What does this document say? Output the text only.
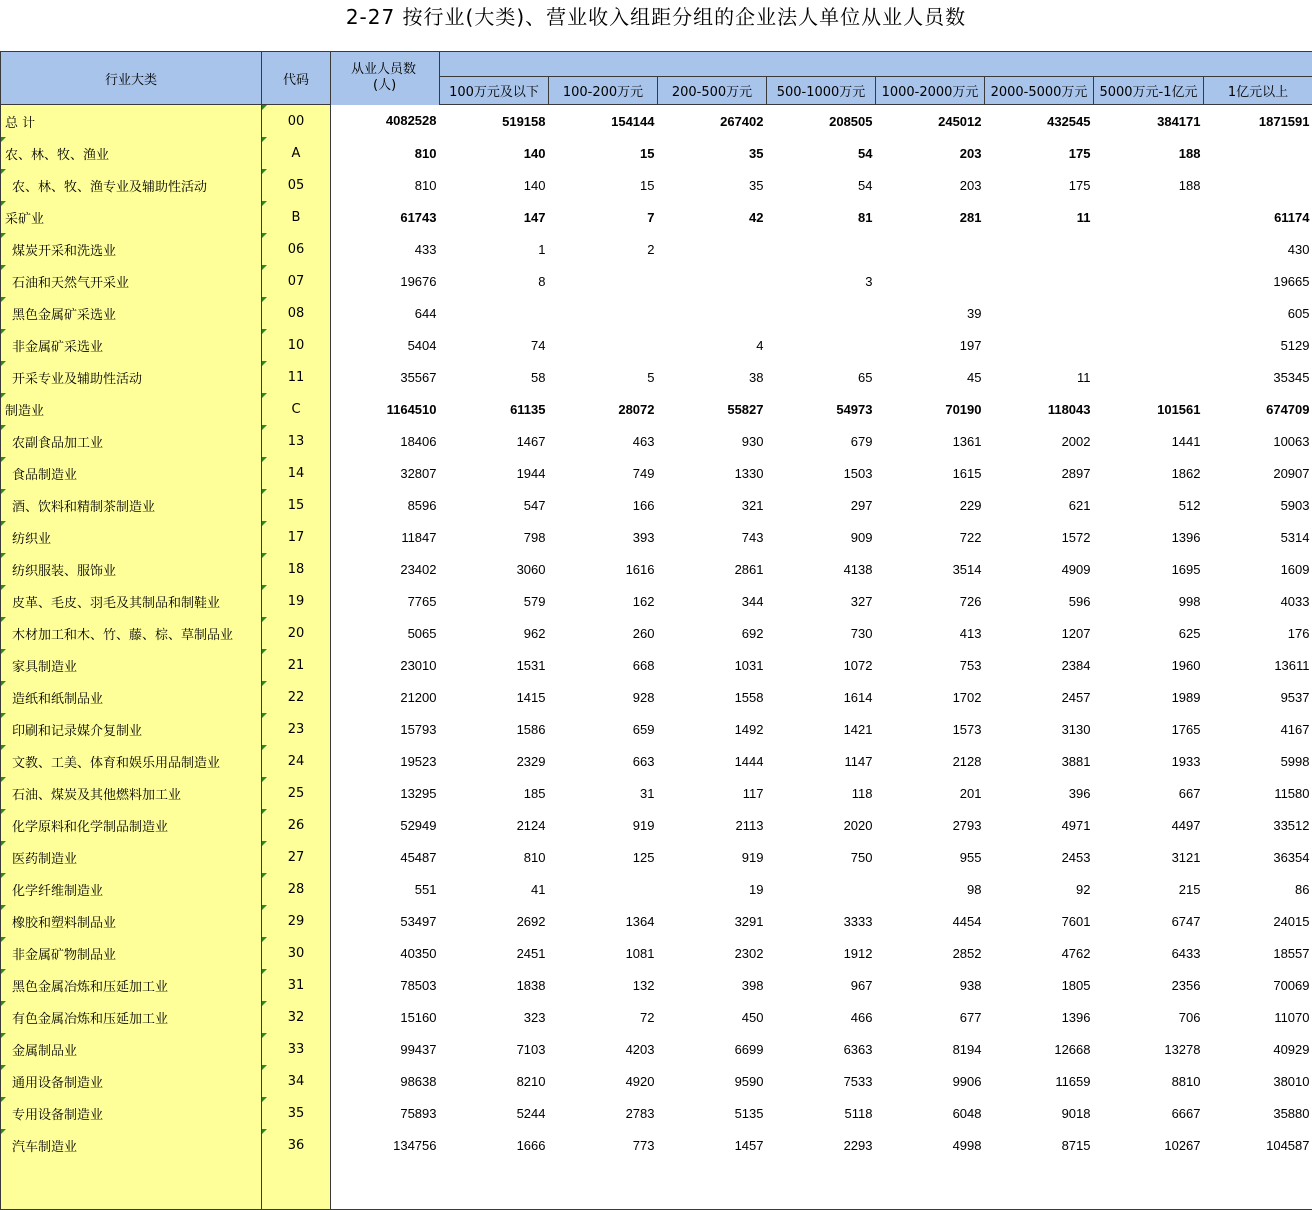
2-27 按行业(大类)、营业收入组距分组的企业法人单位从业人员数
行业大类	代码	从业人员数
(人)								
			100万元及以下	100-200万元	200-500万元	500-1000万元	1000-2000万元	2000-5000万元	5000万元-1亿元	1亿元以上
总 计	00	4082528	519158	154144	267402	208505	245012	432545	384171	1871591

农、林、牧、渔业	A	810	140	15	35	54	203	175	188	

农、林、牧、渔专业及辅助性活动	05	810	140	15	35	54	203	175	188	

采矿业	B	61743	147	7	42	81	281	11		61174

煤炭开采和洗选业	06	433	1	2						430

石油和天然气开采业	07	19676	8			3				19665

黑色金属矿采选业	08	644					39			605

非金属矿采选业	10	5404	74		4		197			5129

开采专业及辅助性活动	11	35567	58	5	38	65	45	11		35345

制造业	C	1164510	61135	28072	55827	54973	70190	118043	101561	674709

农副食品加工业	13	18406	1467	463	930	679	1361	2002	1441	10063

食品制造业	14	32807	1944	749	1330	1503	1615	2897	1862	20907

酒、饮料和精制茶制造业	15	8596	547	166	321	297	229	621	512	5903

纺织业	17	11847	798	393	743	909	722	1572	1396	5314

纺织服装、服饰业	18	23402	3060	1616	2861	4138	3514	4909	1695	1609

皮革、毛皮、羽毛及其制品和制鞋业	19	7765	579	162	344	327	726	596	998	4033

木材加工和木、竹、藤、棕、草制品业	20	5065	962	260	692	730	413	1207	625	176

家具制造业	21	23010	1531	668	1031	1072	753	2384	1960	13611

造纸和纸制品业	22	21200	1415	928	1558	1614	1702	2457	1989	9537

印刷和记录媒介复制业	23	15793	1586	659	1492	1421	1573	3130	1765	4167

文教、工美、体育和娱乐用品制造业	24	19523	2329	663	1444	1147	2128	3881	1933	5998

石油、煤炭及其他燃料加工业	25	13295	185	31	117	118	201	396	667	11580

化学原料和化学制品制造业	26	52949	2124	919	2113	2020	2793	4971	4497	33512

医药制造业	27	45487	810	125	919	750	955	2453	3121	36354

化学纤维制造业	28	551	41		19		98	92	215	86

橡胶和塑料制品业	29	53497	2692	1364	3291	3333	4454	7601	6747	24015

非金属矿物制品业	30	40350	2451	1081	2302	1912	2852	4762	6433	18557

黑色金属冶炼和压延加工业	31	78503	1838	132	398	967	938	1805	2356	70069

有色金属冶炼和压延加工业	32	15160	323	72	450	466	677	1396	706	11070

金属制品业	33	99437	7103	4203	6699	6363	8194	12668	13278	40929

通用设备制造业	34	98638	8210	4920	9590	7533	9906	11659	8810	38010

专用设备制造业	35	75893	5244	2783	5135	5118	6048	9018	6667	35880

汽车制造业	36	134756	1666	773	1457	2293	4998	8715	10267	104587
